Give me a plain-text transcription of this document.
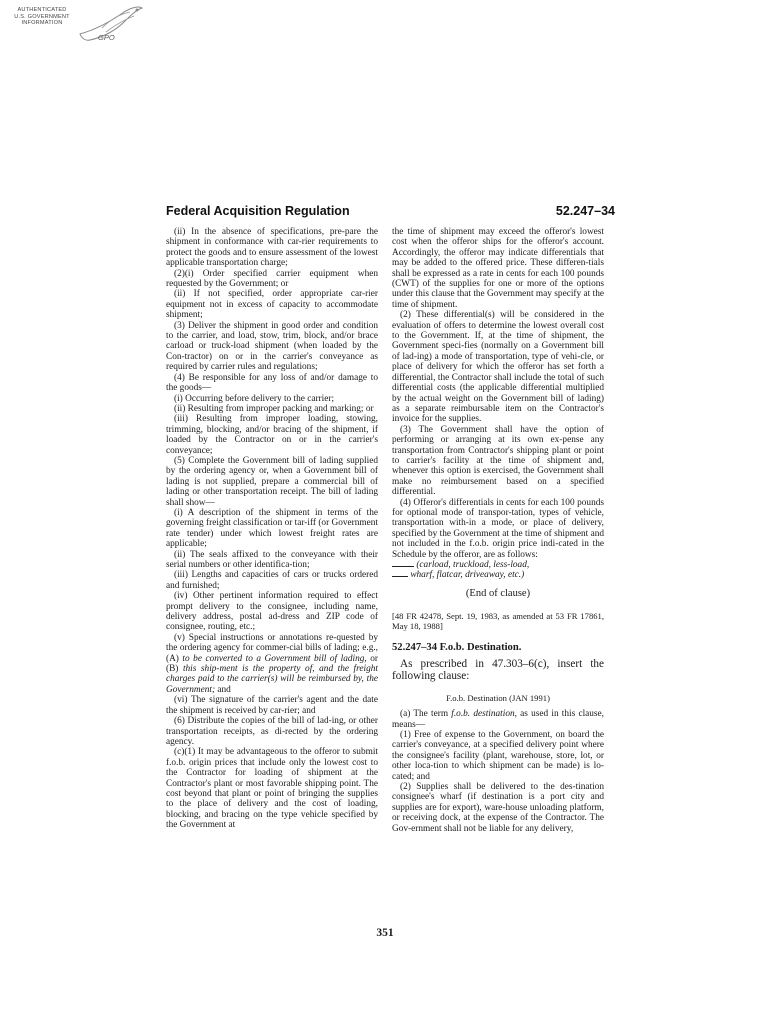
AUTHENTICATED
U.S. GOVERNMENT
INFORMATION
GPO
Federal Acquisition Regulation	52.247–34

(ii) In the absence of specifications, pre-pare the shipment in conformance with car-rier requirements to protect the goods and to ensure assessment of the lowest applicable transportation charge;

(2)(i) Order specified carrier equipment when requested by the Government; or

(ii) If not specified, order appropriate car-rier equipment not in excess of capacity to accommodate shipment;

(3) Deliver the shipment in good order and condition to the carrier, and load, stow, trim, block, and/or brace carload or truck-load shipment (when loaded by the Con-tractor) on or in the carrier's conveyance as required by carrier rules and regulations;

(4) Be responsible for any loss of and/or damage to the goods—

(i) Occurring before delivery to the carrier;

(ii) Resulting from improper packing and marking; or

(iii) Resulting from improper loading, stowing, trimming, blocking, and/or bracing of the shipment, if loaded by the Contractor on or in the carrier's conveyance;

(5) Complete the Government bill of lading supplied by the ordering agency or, when a Government bill of lading is not supplied, prepare a commercial bill of lading or other transportation receipt. The bill of lading shall show—

(i) A description of the shipment in terms of the governing freight classification or tar-iff (or Government rate tender) under which lowest freight rates are applicable;

(ii) The seals affixed to the conveyance with their serial numbers or other identifica-tion;

(iii) Lengths and capacities of cars or trucks ordered and furnished;

(iv) Other pertinent information required to effect prompt delivery to the consignee, including name, delivery address, postal ad-dress and ZIP code of consignee, routing, etc.;

(v) Special instructions or annotations re-quested by the ordering agency for commer-cial bills of lading; e.g., (A) to be converted to a Government bill of lading, or (B) this ship-ment is the property of, and the freight charges paid to the carrier(s) will be reimbursed by, the Government; and

(vi) The signature of the carrier's agent and the date the shipment is received by car-rier; and

(6) Distribute the copies of the bill of lad-ing, or other transportation receipts, as di-rected by the ordering agency.

(c)(1) It may be advantageous to the offeror to submit f.o.b. origin prices that include only the lowest cost to the Contractor for loading of shipment at the Contractor's plant or most favorable shipping point. The cost beyond that plant or point of bringing the supplies to the place of delivery and the cost of loading, blocking, and bracing on the type vehicle specified by the Government at

the time of shipment may exceed the offeror's lowest cost when the offeror ships for the offeror's account. Accordingly, the offeror may indicate differentials that may be added to the offered price. These differen-tials shall be expressed as a rate in cents for each 100 pounds (CWT) of the supplies for one or more of the options under this clause that the Government may specify at the time of shipment.

(2) These differential(s) will be considered in the evaluation of offers to determine the lowest overall cost to the Government. If, at the time of shipment, the Government speci-fies (normally on a Government bill of lad-ing) a mode of transportation, type of vehi-cle, or place of delivery for which the offeror has set forth a differential, the Contractor shall include the total of such differential costs (the applicable differential multiplied by the actual weight on the Government bill of lading) as a separate reimbursable item on the Contractor's invoice for the supplies.

(3) The Government shall have the option of performing or arranging at its own ex-pense any transportation from Contractor's shipping plant or point to carrier's facility at the time of shipment and, whenever this option is exercised, the Government shall make no reimbursement based on a specified differential.

(4) Offeror's differentials in cents for each 100 pounds for optional mode of transpor-tation, types of vehicle, transportation with-in a mode, or place of delivery, specified by the Government at the time of shipment and not included in the f.o.b. origin price indi-cated in the Schedule by the offeror, are as follows:

(carload, truckload, less-load,

wharf, flatcar, driveaway, etc.)

(End of clause)

[48 FR 42478, Sept. 19, 1983, as amended at 53 FR 17861, May 18, 1988]

52.247–34 F.o.b. Destination.

As prescribed in 47.303–6(c), insert the following clause:

F.o.b. Destination (JAN 1991)

(a) The term f.o.b. destination, as used in this clause, means—

(1) Free of expense to the Government, on board the carrier's conveyance, at a specified delivery point where the consignee's facility (plant, warehouse, store, lot, or other loca-tion to which shipment can be made) is lo-cated; and

(2) Supplies shall be delivered to the des-tination consignee's wharf (if destination is a port city and supplies are for export), ware-house unloading platform, or receiving dock, at the expense of the Contractor. The Gov-ernment shall not be liable for any delivery,

351
